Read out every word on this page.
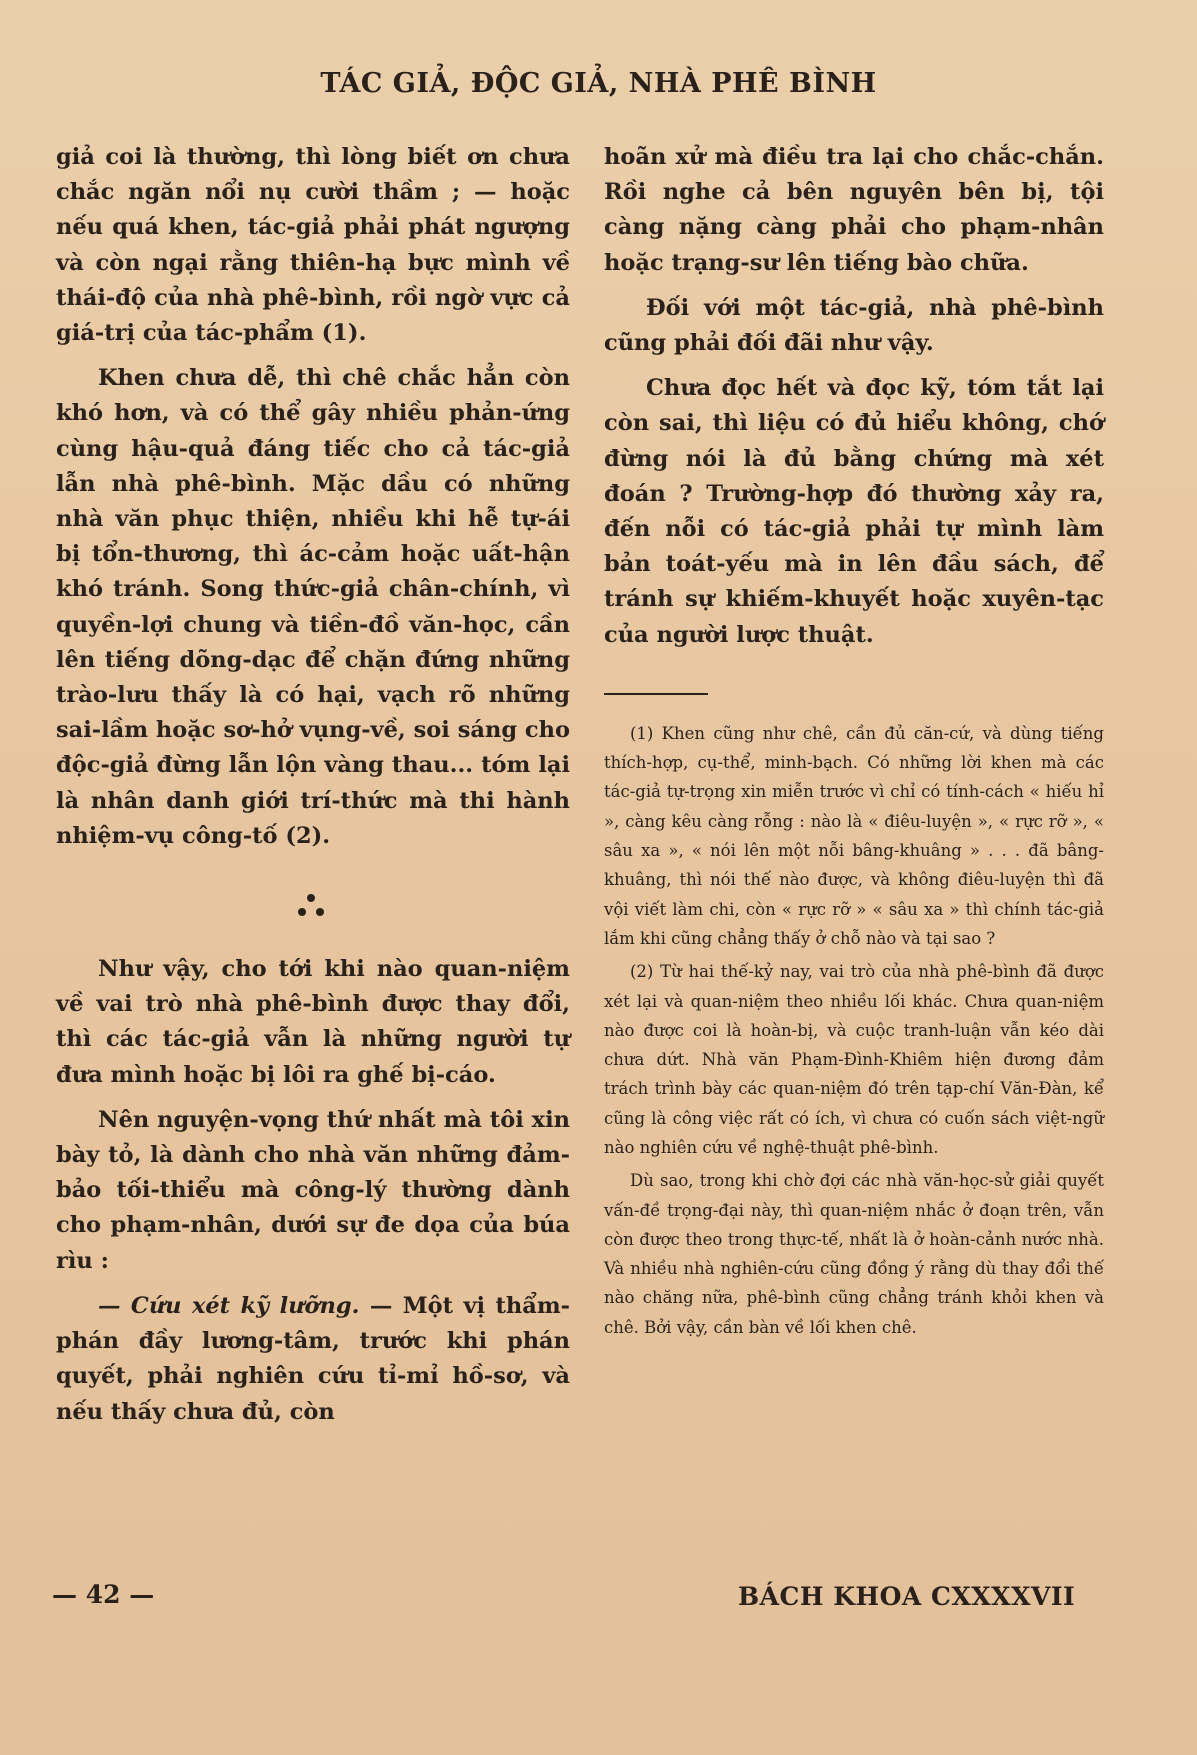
TÁC GIẢ, ĐỘC GIẢ, NHÀ PHÊ BÌNH

giả coi là thường, thì lòng biết ơn chưa chắc ngăn nổi nụ cười thầm ; — hoặc nếu quá khen, tác-giả phải phát ngượng và còn ngại rằng thiên-hạ bực mình về thái-độ của nhà phê-bình, rồi ngờ vực cả giá-trị của tác-phẩm (1).

Khen chưa dễ, thì chê chắc hẳn còn khó hơn, và có thể gây nhiều phản-ứng cùng hậu-quả đáng tiếc cho cả tác-giả lẫn nhà phê-bình. Mặc dầu có những nhà văn phục thiện, nhiều khi hễ tự-ái bị tổn-thương, thì ác-cảm hoặc uất-hận khó tránh. Song thức-giả chân-chính, vì quyền-lợi chung và tiền-đồ văn-học, cần lên tiếng dõng-dạc để chặn đứng những trào-lưu thấy là có hại, vạch rõ những sai-lầm hoặc sơ-hở vụng-về, soi sáng cho độc-giả đừng lẫn lộn vàng thau... tóm lại là nhân danh giới trí-thức mà thi hành nhiệm-vụ công-tố (2).

Như vậy, cho tới khi nào quan-niệm về vai trò nhà phê-bình được thay đổi, thì các tác-giả vẫn là những người tự đưa mình hoặc bị lôi ra ghế bị-cáo.

Nên nguyện-vọng thứ nhất mà tôi xin bày tỏ, là dành cho nhà văn những đảm-bảo tối-thiểu mà công-lý thường dành cho phạm-nhân, dưới sự đe dọa của búa rìu :

— Cứu xét kỹ lưỡng. — Một vị thẩm-phán đầy lương-tâm, trước khi phán quyết, phải nghiên cứu tỉ-mỉ hồ-sơ, và nếu thấy chưa đủ, còn

hoãn xử mà điều tra lại cho chắc-chắn. Rồi nghe cả bên nguyên bên bị, tội càng nặng càng phải cho phạm-nhân hoặc trạng-sư lên tiếng bào chữa.

Đối với một tác-giả, nhà phê-bình cũng phải đối đãi như vậy.

Chưa đọc hết và đọc kỹ, tóm tắt lại còn sai, thì liệu có đủ hiểu không, chớ đừng nói là đủ bằng chứng mà xét đoán ? Trường-hợp đó thường xảy ra, đến nỗi có tác-giả phải tự mình làm bản toát-yếu mà in lên đầu sách, để tránh sự khiếm-khuyết hoặc xuyên-tạc của người lược thuật.

(1) Khen cũng như chê, cần đủ căn-cứ, và dùng tiếng thích-hợp, cụ-thể, minh-bạch. Có những lời khen mà các tác-giả tự-trọng xin miễn trước vì chỉ có tính-cách « hiếu hỉ », càng kêu càng rỗng : nào là « điêu-luyện », « rực rỡ », « sâu xa », « nói lên một nỗi bâng-khuâng » . . . đã bâng-khuâng, thì nói thế nào được, và không điêu-luyện thì đã vội viết làm chi, còn « rực rỡ » « sâu xa » thì chính tác-giả lắm khi cũng chẳng thấy ở chỗ nào và tại sao ?

(2) Từ hai thế-kỷ nay, vai trò của nhà phê-bình đã được xét lại và quan-niệm theo nhiều lối khác. Chưa quan-niệm nào được coi là hoàn-bị, và cuộc tranh-luận vẫn kéo dài chưa dứt. Nhà văn Phạm-Đình-Khiêm hiện đương đảm trách trình bày các quan-niệm đó trên tạp-chí Văn-Đàn, kể cũng là công việc rất có ích, vì chưa có cuốn sách việt-ngữ nào nghiên cứu về nghệ-thuật phê-bình.

Dù sao, trong khi chờ đợi các nhà văn-học-sử giải quyết vấn-đề trọng-đại này, thì quan-niệm nhắc ở đoạn trên, vẫn còn được theo trong thực-tế, nhất là ở hoàn-cảnh nước nhà. Và nhiều nhà nghiên-cứu cũng đồng ý rằng dù thay đổi thế nào chăng nữa, phê-bình cũng chẳng tránh khỏi khen và chê. Bởi vậy, cần bàn về lối khen chê.

— 42 —	BÁCH KHOA CXXXXVII
